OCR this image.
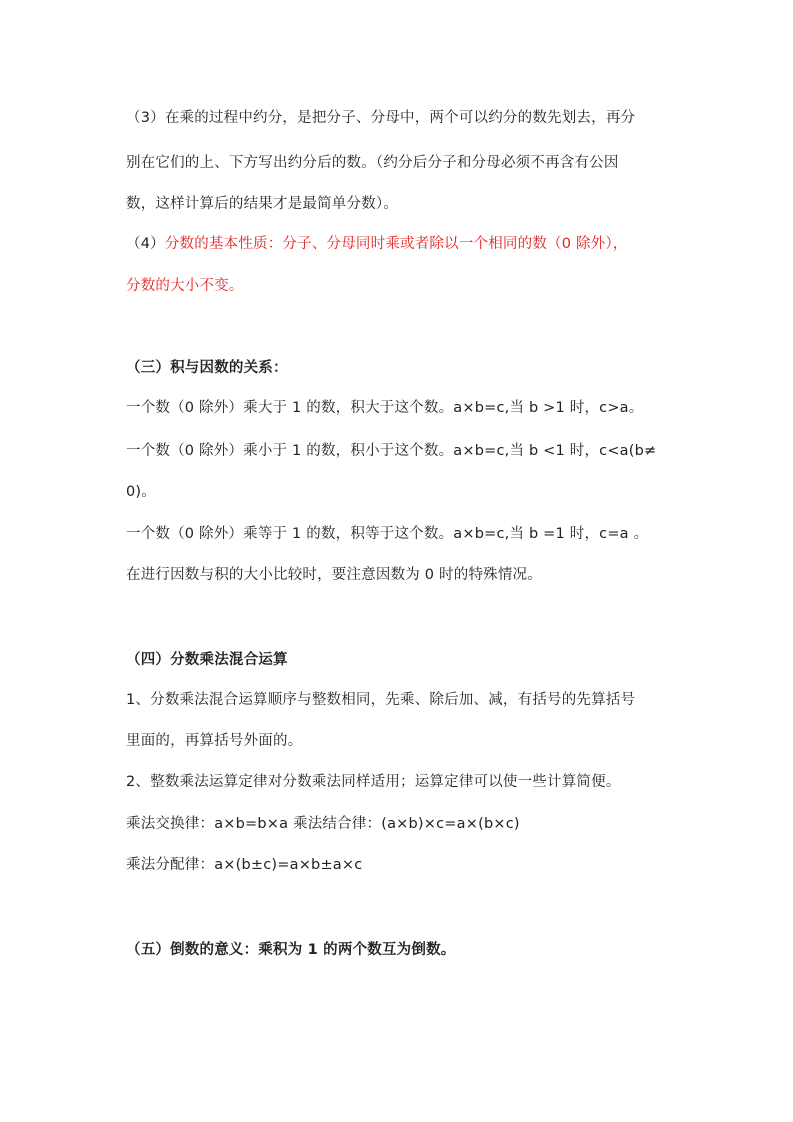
（3）在乘的过程中约分，是把分子、分母中，两个可以约分的数先划去，再分
别在它们的上、下方写出约分后的数。（约分后分子和分母必须不再含有公因
数，这样计算后的结果才是最简单分数）。
（4）分数的基本性质：分子、分母同时乘或者除以一个相同的数（0 除外），
分数的大小不变。
（三）积与因数的关系：
一个数（0 除外）乘大于 1 的数，积大于这个数。a×b=c,当 b >1 时，c>a。
一个数（0 除外）乘小于 1 的数，积小于这个数。a×b=c,当 b <1 时，c<a(b≠
0)。
一个数（0 除外）乘等于 1 的数，积等于这个数。a×b=c,当 b =1 时，c=a 。
在进行因数与积的大小比较时，要注意因数为 0 时的特殊情况。
（四）分数乘法混合运算
1、分数乘法混合运算顺序与整数相同，先乘、除后加、减，有括号的先算括号
里面的，再算括号外面的。
2、整数乘法运算定律对分数乘法同样适用；运算定律可以使一些计算简便。
乘法交换律：a×b=b×a 乘法结合律：(a×b)×c=a×(b×c)
乘法分配律：a×(b±c)=a×b±a×c
（五）倒数的意义：乘积为 1 的两个数互为倒数。
